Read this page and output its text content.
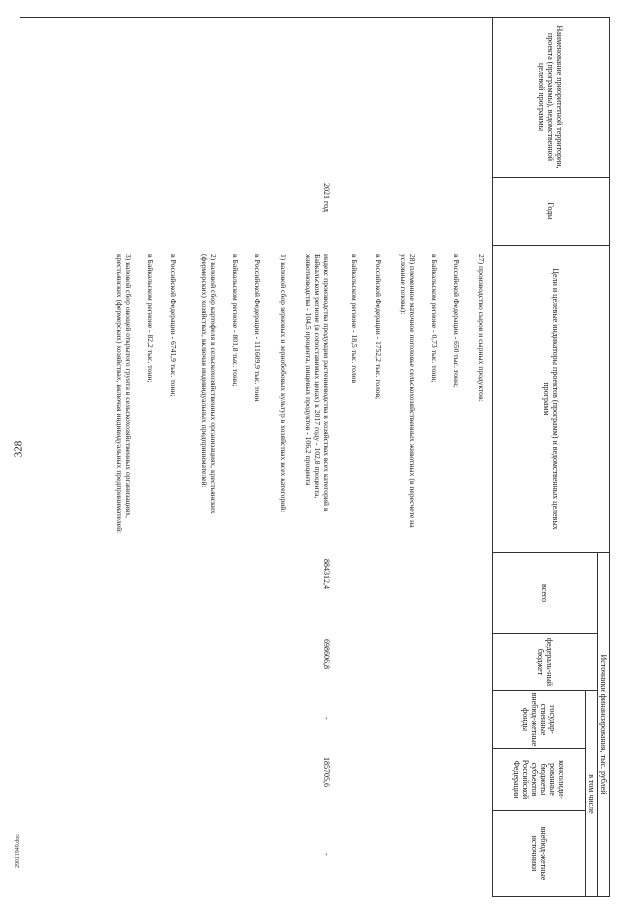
328
29011949.doc
Наименование приоритетной территории, проекта (программы), ведомственной целевой программы
Годы
Цели и целевые индикаторы проектов (программ) и ведомственных целевых программ
Источники финансирования, тыс. рублей
всего
в том числе
федераль-ный бюджет
государ-ственные внебюд-жетные фонды
консолиди-рованные бюджеты субъектов Российской Федерации
внебюд-жетные источники
27) производство сыров и сырных продуктов:
в Российской Федерации - 650 тыс. тонн;
в Байкальском регионе - 0,73 тыс. тонн;
28) племенное маточное поголовье сельскохозяйственных животных (в пересчете на условные головы):
в Российской Федерации - 1752,2 тыс. голов;
в Байкальском регионе - 18,5 тыс. голов
2021 год
884312,4
698606,8
-
185705,6
-
индекс производства продукции растениеводства в хозяйствах всех категорий в Байкальском регионе (в сопоставимых ценах) к 2017 году - 102,8 процента, животноводства - 104,5 процента, пищевых продуктов - 106,2 процента
1) валовой сбор зерновых и зернобобовых культур в хозяйствах всех категорий:
в Российской Федерации - 111609,9 тыс. тонн
в Байкальском регионе - 801,8 тыс. тонн;
2) валовой сбор картофеля в сельскохозяйственных организациях, крестьянских (фермерских) хозяйствах, включая индивидуальных предпринимателей:
в Российской Федерации - 6741,9 тыс. тонн;
в Байкальском регионе - 82,2 тыс. тонн;
3) валовой сбор овощей открытого грунта в сельскохозяйственных организациях, крестьянских (фермерских) хозяйствах, включая индивидуальных предпринимателей:
